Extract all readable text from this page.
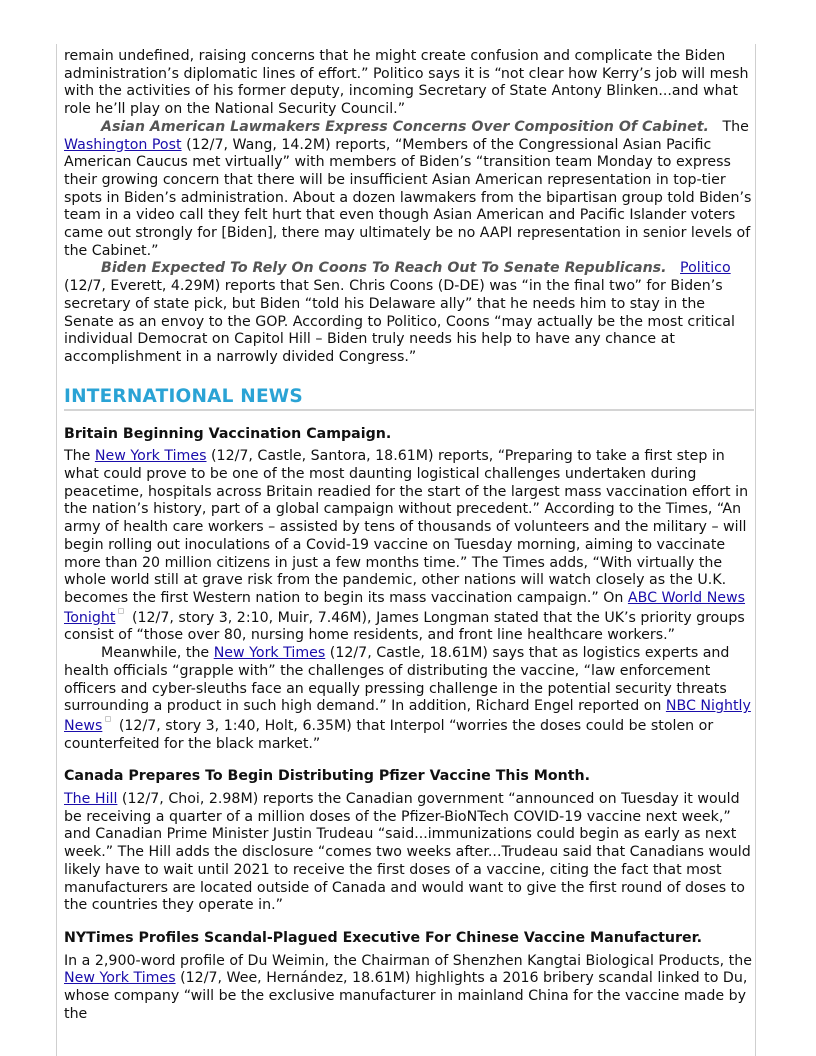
remain undefined, raising concerns that he might create confusion and complicate the Biden administration’s diplomatic lines of effort.” Politico says it is “not clear how Kerry’s job will mesh with the activities of his former deputy, incoming Secretary of State Antony Blinken...and what role he’ll play on the National Security Council.”

Asian American Lawmakers Express Concerns Over Composition Of Cabinet. The Washington Post (12/7, Wang, 14.2M) reports, “Members of the Congressional Asian Pacific American Caucus met virtually” with members of Biden’s “transition team Monday to express their growing concern that there will be insufficient Asian American representation in top-tier spots in Biden’s administration. About a dozen lawmakers from the bipartisan group told Biden’s team in a video call they felt hurt that even though Asian American and Pacific Islander voters came out strongly for [Biden], there may ultimately be no AAPI representation in senior levels of the Cabinet.”

Biden Expected To Rely On Coons To Reach Out To Senate Republicans. Politico (12/7, Everett, 4.29M) reports that Sen. Chris Coons (D-DE) was “in the final two” for Biden’s secretary of state pick, but Biden “told his Delaware ally” that he needs him to stay in the Senate as an envoy to the GOP. According to Politico, Coons “may actually be the most critical individual Democrat on Capitol Hill – Biden truly needs his help to have any chance at accomplishment in a narrowly divided Congress.”

INTERNATIONAL NEWS
Britain Beginning Vaccination Campaign.

The New York Times (12/7, Castle, Santora, 18.61M) reports, “Preparing to take a first step in what could prove to be one of the most daunting logistical challenges undertaken during peacetime, hospitals across Britain readied for the start of the largest mass vaccination effort in the nation’s history, part of a global campaign without precedent.” According to the Times, “An army of health care workers – assisted by tens of thousands of volunteers and the military – will begin rolling out inoculations of a Covid-19 vaccine on Tuesday morning, aiming to vaccinate more than 20 million citizens in just a few months time.” The Times adds, “With virtually the whole world still at grave risk from the pandemic, other nations will watch closely as the U.K. becomes the first Western nation to begin its mass vaccination campaign.” On ABC World News Tonight (12/7, story 3, 2:10, Muir, 7.46M), James Longman stated that the UK’s priority groups consist of “those over 80, nursing home residents, and front line healthcare workers.”

Meanwhile, the New York Times (12/7, Castle, 18.61M) says that as logistics experts and health officials “grapple with” the challenges of distributing the vaccine, “law enforcement officers and cyber-sleuths face an equally pressing challenge in the potential security threats surrounding a product in such high demand.” In addition, Richard Engel reported on NBC Nightly News (12/7, story 3, 1:40, Holt, 6.35M) that Interpol “worries the doses could be stolen or counterfeited for the black market.”

Canada Prepares To Begin Distributing Pfizer Vaccine This Month.

The Hill (12/7, Choi, 2.98M) reports the Canadian government “announced on Tuesday it would be receiving a quarter of a million doses of the Pfizer-BioNTech COVID-19 vaccine next week,” and Canadian Prime Minister Justin Trudeau “said...immunizations could begin as early as next week.” The Hill adds the disclosure “comes two weeks after...Trudeau said that Canadians would likely have to wait until 2021 to receive the first doses of a vaccine, citing the fact that most manufacturers are located outside of Canada and would want to give the first round of doses to the countries they operate in.”

NYTimes Profiles Scandal-Plagued Executive For Chinese Vaccine Manufacturer.

In a 2,900-word profile of Du Weimin, the Chairman of Shenzhen Kangtai Biological Products, the New York Times (12/7, Wee, Hernández, 18.61M) highlights a 2016 bribery scandal linked to Du, whose company “will be the exclusive manufacturer in mainland China for the vaccine made by the
